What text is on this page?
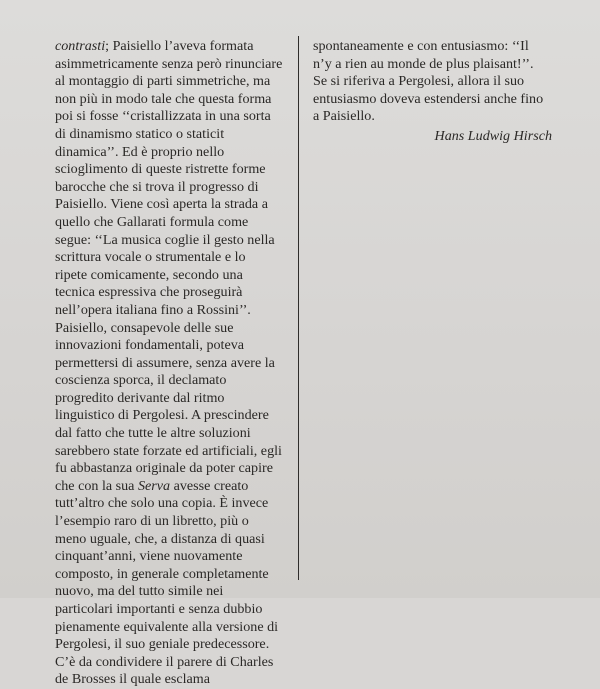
contrasti; Paisiello l’aveva formata
asimmetricamente senza però rinunciare
al montaggio di parti simmetriche, ma
non più in modo tale che questa forma
poi si fosse ‘‘cristallizzata in una sorta
di dinamismo statico o staticit
dinamica’’. Ed è proprio nello
scioglimento di queste ristrette forme
barocche che si trova il progresso di
Paisiello. Viene così aperta la strada a
quello che Gallarati formula come
segue: ‘‘La musica coglie il gesto nella
scrittura vocale o strumentale e lo
ripete comicamente, secondo una
tecnica espressiva che proseguirà
nell’opera italiana fino a Rossini’’.
Paisiello, consapevole delle sue
innovazioni fondamentali, poteva
permettersi di assumere, senza avere la
coscienza sporca, il declamato
progredito derivante dal ritmo
linguistico di Pergolesi. A prescindere
dal fatto che tutte le altre soluzioni
sarebbero state forzate ed artificiali, egli
fu abbastanza originale da poter capire
che con la sua Serva avesse creato
tutt’altro che solo una copia. È invece
l’esempio raro di un libretto, più o
meno uguale, che, a distanza di quasi
cinquant’anni, viene nuovamente
composto, in generale completamente
nuovo, ma del tutto simile nei
particolari importanti e senza dubbio
pienamente equivalente alla versione di
Pergolesi, il suo geniale predecessore.
C’è da condividere il parere di Charles
de Brosses il quale esclama
spontaneamente e con entusiasmo: ‘‘Il
n’y a rien au monde de plus plaisant!’’.
Se si riferiva a Pergolesi, allora il suo
entusiasmo doveva estendersi anche fino
a Paisiello.
Hans Ludwig Hirsch
